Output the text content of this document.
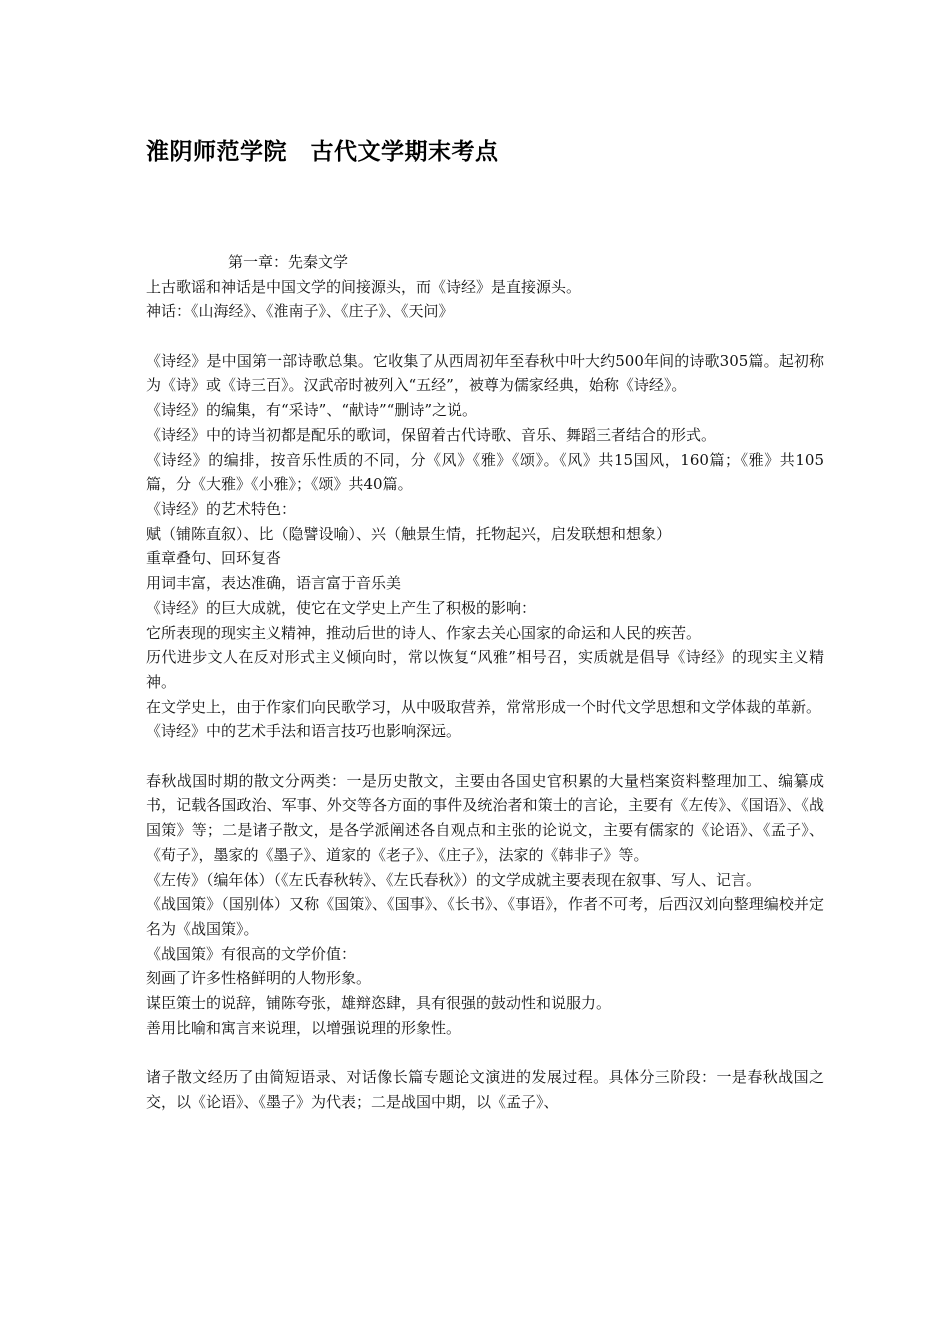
淮阴师范学院　古代文学期末考点

第一章：先秦文学

上古歌谣和神话是中国文学的间接源头，而《诗经》是直接源头。

神话：《山海经》、《淮南子》、《庄子》、《天问》

《诗经》是中国第一部诗歌总集。它收集了从西周初年至春秋中叶大约500年间的诗歌305篇。起初称为《诗》或《诗三百》。汉武帝时被列入“五经”，被尊为儒家经典，始称《诗经》。

《诗经》的编集，有“采诗”、“献诗”“删诗”之说。

《诗经》中的诗当初都是配乐的歌词，保留着古代诗歌、音乐、舞蹈三者结合的形式。

《诗经》的编排，按音乐性质的不同，分《风》《雅》《颂》。《风》共15国风，160篇；《雅》共105篇，分《大雅》《小雅》；《颂》共40篇。

《诗经》的艺术特色：

赋（铺陈直叙）、比（隐譬设喻）、兴（触景生情，托物起兴，启发联想和想象）

重章叠句、回环复沓

用词丰富，表达准确，语言富于音乐美

《诗经》的巨大成就，使它在文学史上产生了积极的影响：

它所表现的现实主义精神，推动后世的诗人、作家去关心国家的命运和人民的疾苦。

历代进步文人在反对形式主义倾向时，常以恢复“风雅”相号召，实质就是倡导《诗经》的现实主义精神。

在文学史上，由于作家们向民歌学习，从中吸取营养，常常形成一个时代文学思想和文学体裁的革新。

《诗经》中的艺术手法和语言技巧也影响深远。

春秋战国时期的散文分两类：一是历史散文，主要由各国史官积累的大量档案资料整理加工、编纂成书，记载各国政治、军事、外交等各方面的事件及统治者和策士的言论，主要有《左传》、《国语》、《战国策》等；二是诸子散文，是各学派阐述各自观点和主张的论说文，主要有儒家的《论语》、《孟子》、《荀子》，墨家的《墨子》、道家的《老子》、《庄子》，法家的《韩非子》等。

《左传》（编年体）（《左氏春秋转》、《左氏春秋》）的文学成就主要表现在叙事、写人、记言。

《战国策》（国别体）又称《国策》、《国事》、《长书》、《事语》，作者不可考，后西汉刘向整理编校并定名为《战国策》。

《战国策》有很高的文学价值：

刻画了许多性格鲜明的人物形象。

谋臣策士的说辞，铺陈夸张，雄辩恣肆，具有很强的鼓动性和说服力。

善用比喻和寓言来说理，以增强说理的形象性。

诸子散文经历了由简短语录、对话像长篇专题论文演进的发展过程。具体分三阶段：一是春秋战国之交，以《论语》、《墨子》为代表；二是战国中期，以《孟子》、
